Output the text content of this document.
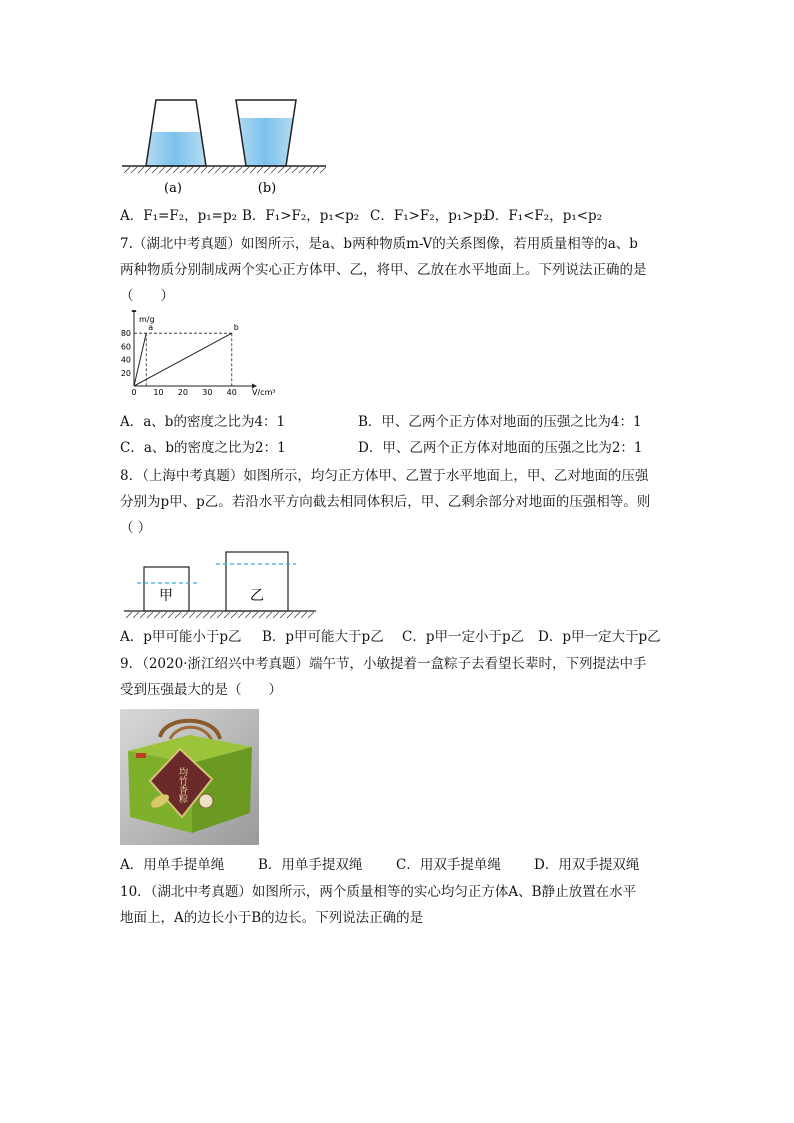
(a)	(b)
A．F₁=F₂，p₁=p₂ B．F₁>F₂，p₁<p₂ C．F₁>F₂，p₁>p₂
D．F₁<F₂，p₁<p₂
7.（湖北中考真题）如图所示，是a、b两种物质m-V的关系图像，若用质量相等的a、b
两种物质分别制成两个实心正方体甲、乙，将甲、乙放在水平地面上。下列说法正确的是
（　　）
m/g
V/cm³
0 10 20 30 40
20
40
60
80
a	b
A．a、b的密度之比为4：1	B．甲、乙两个正方体对地面的压强之比为4：1
C．a、b的密度之比为2：1	D．甲、乙两个正方体对地面的压强之比为2：1
8．（上海中考真题）如图所示，均匀正方体甲、乙置于水平地面上，甲、乙对地面的压强
分别为p甲、p乙。若沿水平方向截去相同体积后，甲、乙剩余部分对地面的压强相等。则
（ ）
甲	乙
A．p甲可能小于p乙 B．p甲可能大于p乙 C．p甲一定小于p乙 D．p甲一定大于p乙
9．（2020·浙江绍兴中考真题）端午节，小敏提着一盒粽子去看望长辈时，下列提法中手
受到压强最大的是（　　）
均竹香粽
A．用单手提单绳	B．用单手提双绳 C．用双手提单绳 D．用双手提双绳
10．（湖北中考真题）如图所示，两个质量相等的实心均匀正方体A、B静止放置在水平
地面上，A的边长小于B的边长。下列说法正确的是
